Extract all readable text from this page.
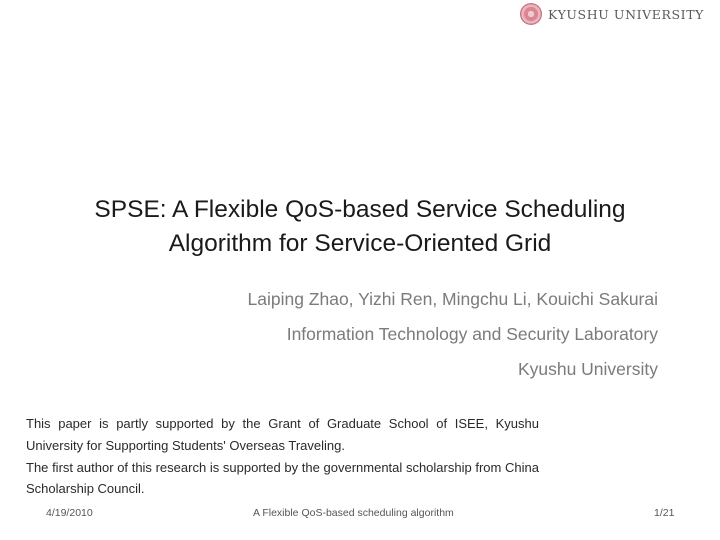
KYUSHU UNIVERSITY
SPSE: A Flexible QoS-based Service Scheduling
Algorithm for Service-Oriented Grid
Laiping Zhao, Yizhi Ren, Mingchu Li, Kouichi Sakurai
Information Technology and Security Laboratory
Kyushu University
This paper is partly supported by the Grant of Graduate School of ISEE, Kyushu University for Supporting Students' Overseas Traveling.
The first author of this research is supported by the governmental scholarship from China Scholarship Council.
4/19/2010	A Flexible QoS-based scheduling algorithm	1/21
